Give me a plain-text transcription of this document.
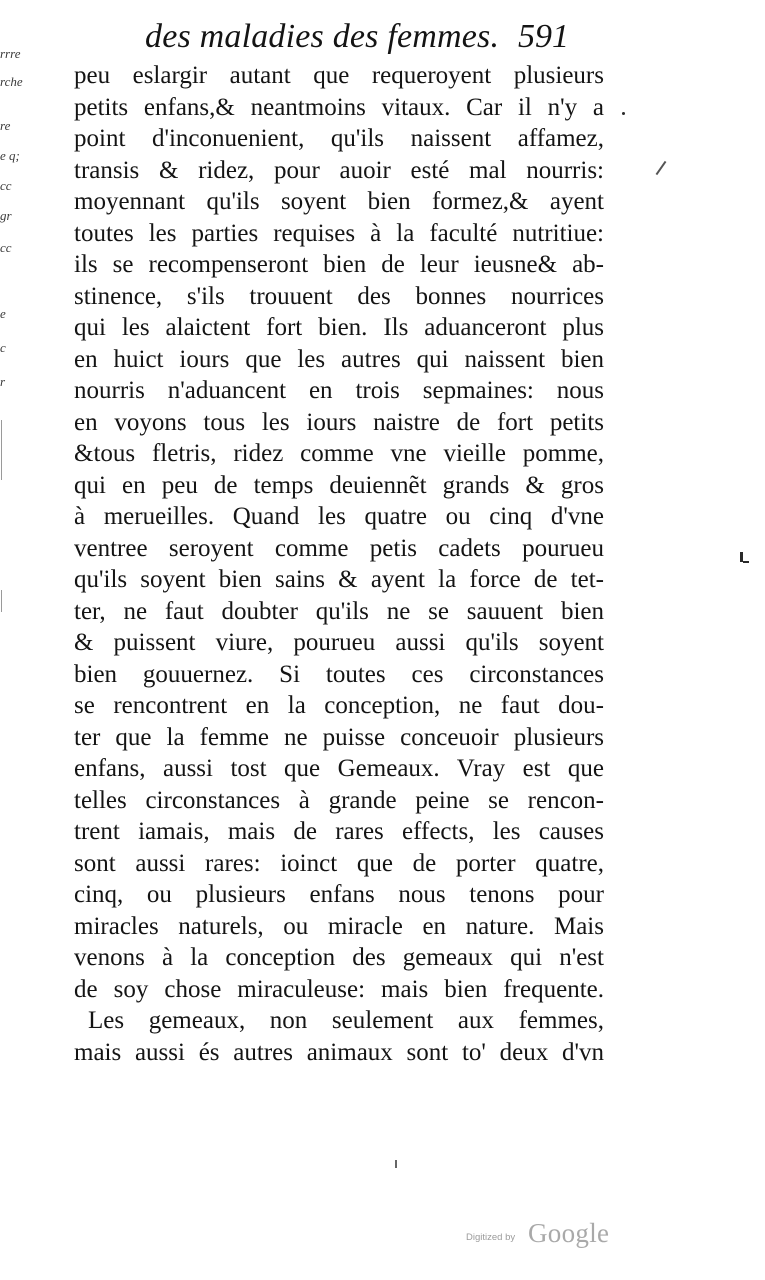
des maladies des femmes. 591
rrre
rche
re
e q;
cc
gr
cc
e
c
r
peu eslargir autant que requeroyent plusieurs
petits enfans,& neantmoins vitaux. Car il n'y a
point d'inconuenient, qu'ils naissent affamez,
transis & ridez, pour auoir esté mal nourris:
moyennant qu'ils soyent bien formez,& ayent
toutes les parties requises à la faculté nutritiue:
ils se recompenseront bien de leur ieusne& ab-
stinence, s'ils trouuent des bonnes nourrices
qui les alaictent fort bien. Ils aduanceront plus
en huict iours que les autres qui naissent bien
nourris n'aduancent en trois sepmaines: nous
en voyons tous les iours naistre de fort petits
&tous fletris, ridez comme vne vieille pomme,
qui en peu de temps deuiennẽt grands & gros
à merueilles. Quand les quatre ou cinq d'vne
ventree seroyent comme petis cadets pourueu
qu'ils soyent bien sains & ayent la force de tet-
ter, ne faut doubter qu'ils ne se sauuent bien
& puissent viure, pourueu aussi qu'ils soyent
bien gouuernez. Si toutes ces circonstances
se rencontrent en la conception, ne faut dou-
ter que la femme ne puisse conceuoir plusieurs
enfans, aussi tost que Gemeaux. Vray est que
telles circonstances à grande peine se rencon-
trent iamais, mais de rares effects, les causes
sont aussi rares: ioinct que de porter quatre,
cinq, ou plusieurs enfans nous tenons pour
miracles naturels, ou miracle en nature. Mais
venons à la conception des gemeaux qui n'est
de soy chose miraculeuse: mais bien frequente.
Les gemeaux, non seulement aux femmes,
mais aussi és autres animaux sont to' deux d'vn
Digitized by Google
